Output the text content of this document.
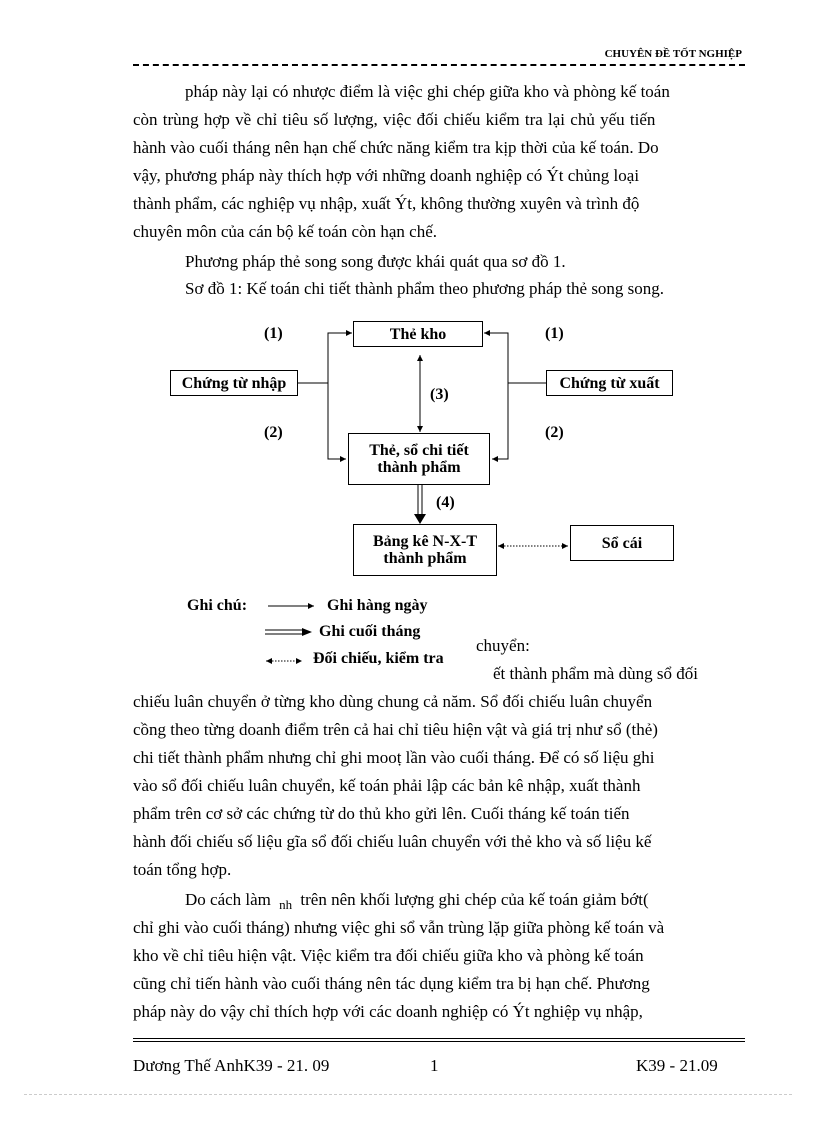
CHUYÊN ĐỀ TỐT NGHIỆP
pháp này lại có nhược điểm là việc ghi chép giữa kho và phòng kế toán
còn trùng hợp về chỉ tiêu số lượng, việc đối chiếu kiểm tra lại chủ yếu tiến
hành vào cuối tháng nên hạn chế chức năng kiểm tra kịp thời của kế toán. Do
vậy, phương pháp này thích hợp với những doanh nghiệp có Ýt chủng loại
thành phẩm, các nghiệp vụ nhập, xuất Ýt, không thường xuyên và trình độ
chuyên môn của cán bộ kế toán còn hạn chế.
Phương pháp thẻ song song được khái quát qua sơ đồ 1.
Sơ đồ 1: Kế toán chi tiết thành phẩm theo phương pháp thẻ song song.
Thẻ kho
Chứng từ nhập	Chứng từ xuất
Thẻ, sổ chi tiết thành phẩm
Bảng kê N-X-T thành phẩm
Sổ cái
(1)	(1)
(2)	(2)
(3)
(4)
Ghi chú:	Ghi hàng ngày
Ghi cuối tháng
chuyển:
ết thành phẩm mà dùng sổ đối
Đối chiếu, kiểm tra
chiếu luân chuyển ở từng kho dùng chung cả năm. Sổ đối chiếu luân chuyển
cồng theo từng doanh điểm trên cả hai chỉ tiêu hiện vật và giá trị như sổ (thẻ)
chi tiết thành phẩm nhưng chỉ ghi mooṭ lần vào cuối tháng. Để có số liệu ghi
vào sổ đối chiếu luân chuyển, kế toán phải lập các bản kê nhập, xuất thành
phẩm trên cơ sở các chứng từ do thủ kho gửi lên. Cuối tháng kế toán tiến
hành đối chiếu số liệu gĩa sổ đối chiếu luân chuyển với thẻ kho và số liệu kế
toán tổng hợp.
Do cách làm $_{nh}$ trên nên khối lượng ghi chép của kế toán giảm bớt(
chỉ ghi vào cuối tháng) nhưng việc ghi sổ vẫn trùng lặp giữa phòng kế toán và
kho về chỉ tiêu hiện vật. Việc kiểm tra đối chiếu giữa kho và phòng kế toán
cũng chỉ tiến hành vào cuối tháng nên tác dụng kiểm tra bị hạn chế. Phương
pháp này do vậy chỉ thích hợp với các doanh nghiệp có Ýt nghiệp vụ nhập,
Dương Thế AnhK39 - 21. 09	1	K39 - 21.09
